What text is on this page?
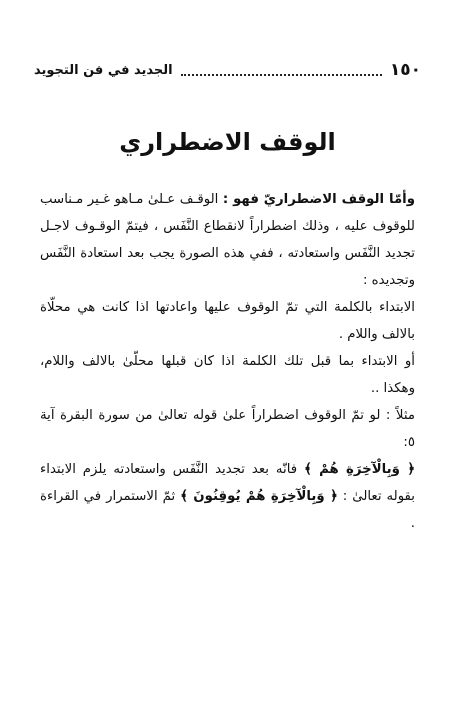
١٥٠
الجديد في فن التجويد
الوقف الاضطراري

وأمّا الوقف الاضطراريّ فهو : الوقـف عـلىٰ مـاهو غـير مـناسب للوقوف عليه ، وذلك اضطراراً لانقطاع النَّفَس ، فيتمّ الوقـوف لاجـل تجديد النَّفَس واستعادته ، ففي هذه الصورة يجب بعد استعادة النَّفَس وتجديده :

الابتداء بالكلمة التي تمّ الوقوف عليها واعادتها اذا كانت هي محلّاة بالالف واللام .

أو الابتداء بما قبل تلك الكلمة اذا كان قبلها محلّىٰ بالالف واللام، وهكذا ..

مثلاً : لو تمّ الوقوف اضطراراً علىٰ قوله تعالىٰ من سورة البقرة آية ٥:
﴿ وَبِالْآخِرَةِ هُمْ ﴾ فانّه بعد تجديد النَّفَس واستعادته يلزم الابتداء بقوله تعالىٰ : ﴿ وَبِالْآخِرَةِ هُمْ يُوقِنُونَ ﴾ ثمّ الاستمرار في القراءة .
